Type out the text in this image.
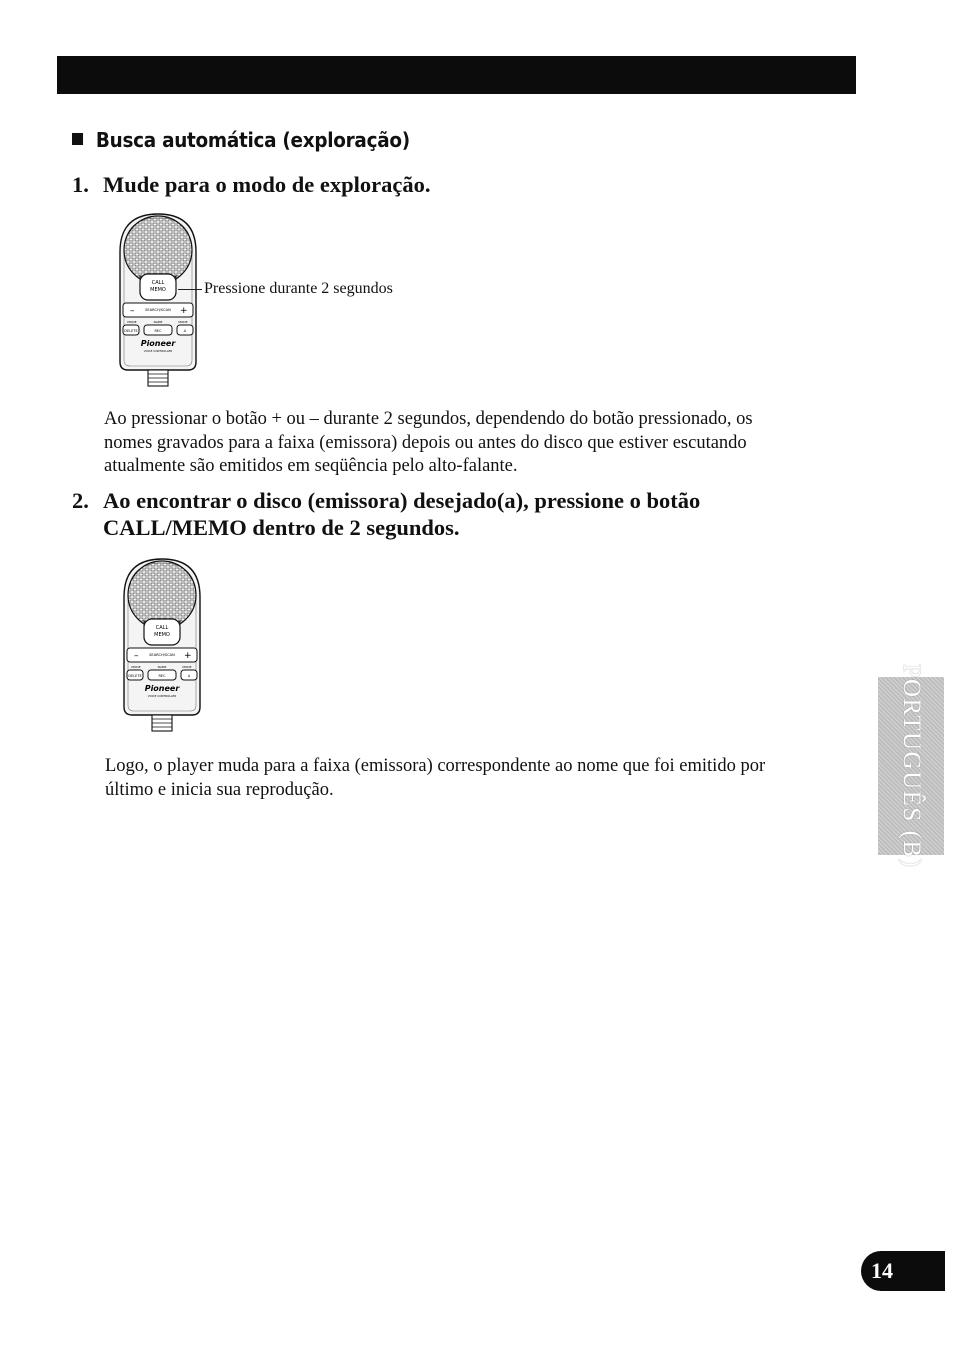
Busca automática (exploração)

1. Mude para o modo de exploração.

CALL
MEMO
–	SEARCH/SCAN +
MODE	NAME	MODE
DELETE	REC	A
Pioneer
VOICE CONTROLLER
Pressione durante 2 segundos

Ao pressionar o botão + ou – durante 2 segundos, dependendo do botão pressionado, os
nomes gravados para a faixa (emissora) depois ou antes do disco que estiver escutando
atualmente são emitidos em seqüência pelo alto-falante.

2. Ao encontrar o disco (emissora) desejado(a), pressione o botão
CALL/MEMO dentro de 2 segundos.

CALL
MEMO
–	SEARCH/SCAN +
MODE	NAME	MODE
DELETE	REC	A
Pioneer
VOICE CONTROLLER

Logo, o player muda para a faixa (emissora) correspondente ao nome que foi emitido por
último e inicia sua reprodução.	PORTUGUÊS (B)
14
